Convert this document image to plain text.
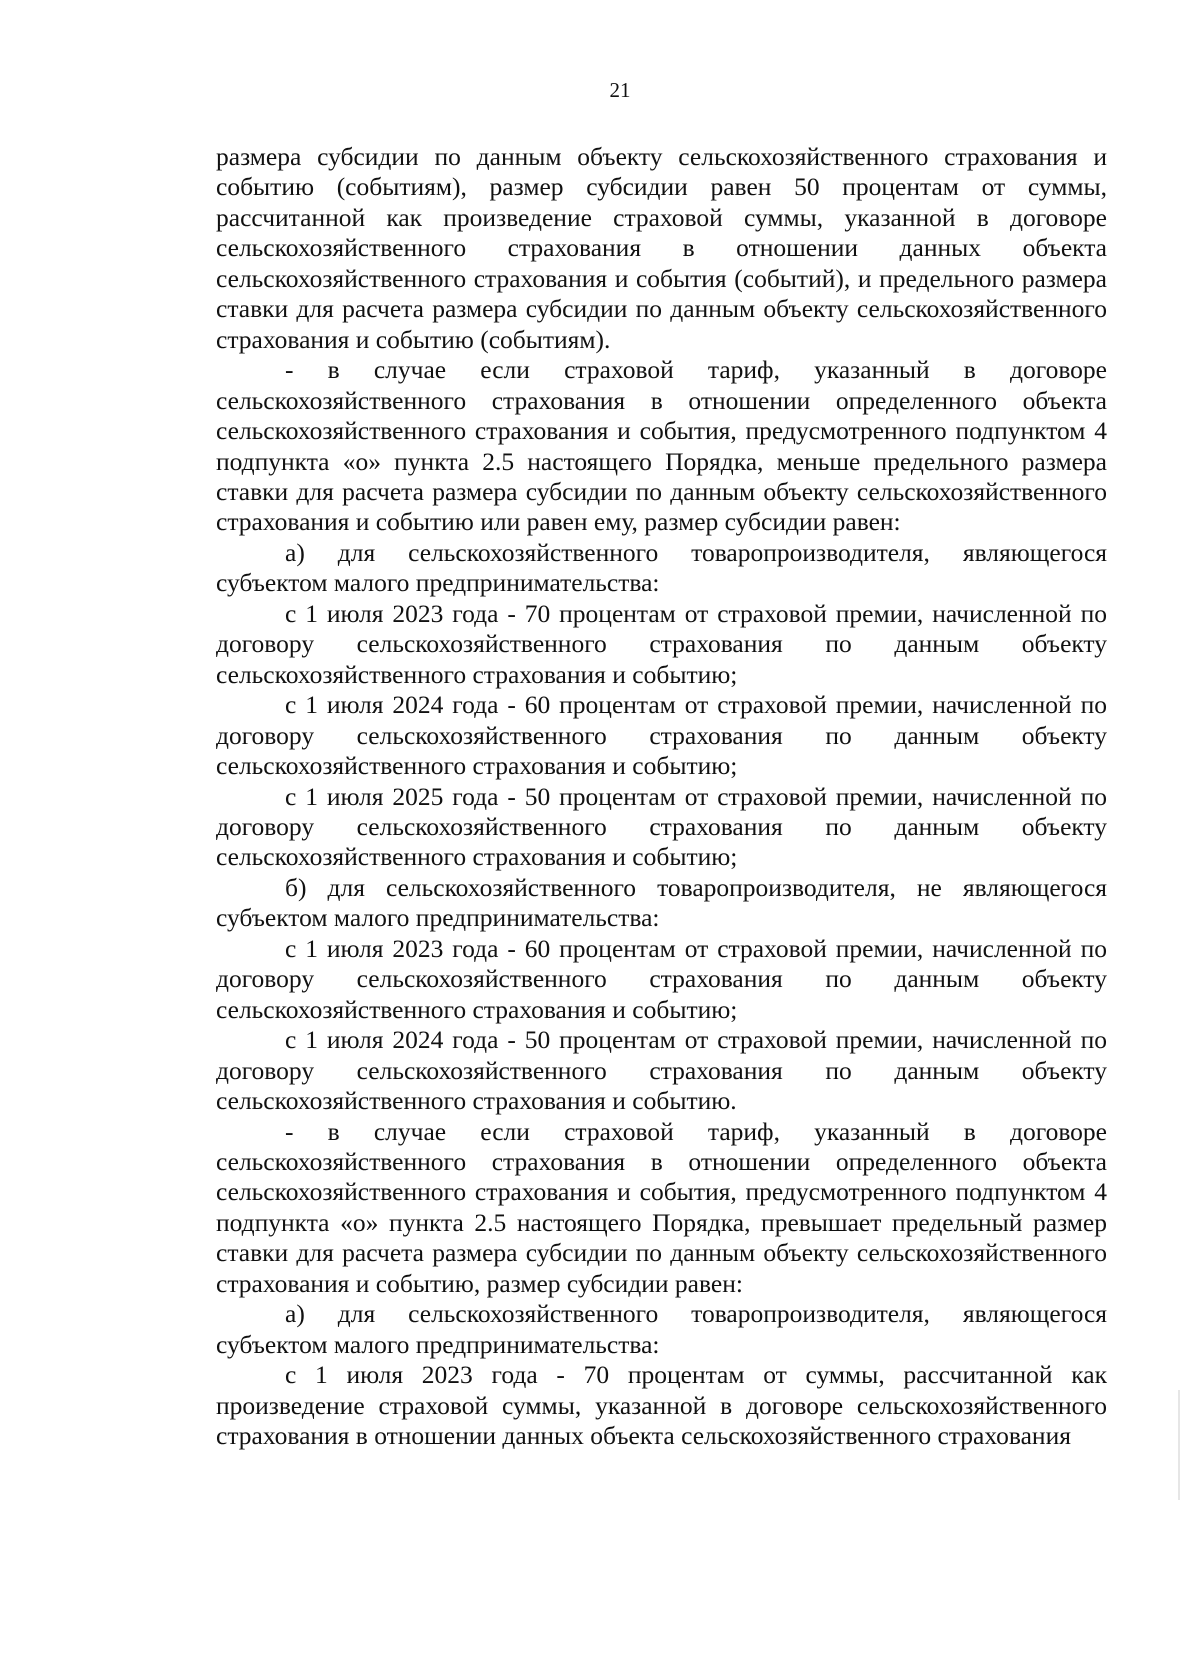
21

размера субсидии по данным объекту сельскохозяйственного страхования и событию (событиям), размер субсидии равен 50 процентам от суммы, рассчитанной как произведение страховой суммы, указанной в договоре сельскохозяйственного страхования в отношении данных объекта сельскохозяйственного страхования и события (событий), и предельного размера ставки для расчета размера субсидии по данным объекту сельскохозяйственного страхования и событию (событиям).

- в случае если страховой тариф, указанный в договоре сельскохозяйственного страхования в отношении определенного объекта сельскохозяйственного страхования и события, предусмотренного подпунктом 4 подпункта «о» пункта 2.5 настоящего Порядка, меньше предельного размера ставки для расчета размера субсидии по данным объекту сельскохозяйственного страхования и событию или равен ему, размер субсидии равен:

а) для сельскохозяйственного товаропроизводителя, являющегося субъектом малого предпринимательства:

с 1 июля 2023 года - 70 процентам от страховой премии, начисленной по договору сельскохозяйственного страхования по данным объекту сельскохозяйственного страхования и событию;

с 1 июля 2024 года - 60 процентам от страховой премии, начисленной по договору сельскохозяйственного страхования по данным объекту сельскохозяйственного страхования и событию;

с 1 июля 2025 года - 50 процентам от страховой премии, начисленной по договору сельскохозяйственного страхования по данным объекту сельскохозяйственного страхования и событию;

б) для сельскохозяйственного товаропроизводителя, не являющегося субъектом малого предпринимательства:

с 1 июля 2023 года - 60 процентам от страховой премии, начисленной по договору сельскохозяйственного страхования по данным объекту сельскохозяйственного страхования и событию;

с 1 июля 2024 года - 50 процентам от страховой премии, начисленной по договору сельскохозяйственного страхования по данным объекту сельскохозяйственного страхования и событию.

- в случае если страховой тариф, указанный в договоре сельскохозяйственного страхования в отношении определенного объекта сельскохозяйственного страхования и события, предусмотренного подпунктом 4 подпункта «о» пункта 2.5 настоящего Порядка, превышает предельный размер ставки для расчета размера субсидии по данным объекту сельскохозяйственного страхования и событию, размер субсидии равен:

а) для сельскохозяйственного товаропроизводителя, являющегося субъектом малого предпринимательства:

с 1 июля 2023 года - 70 процентам от суммы, рассчитанной как произведение страховой суммы, указанной в договоре сельскохозяйственного страхования в отношении данных объекта сельскохозяйственного страхования
